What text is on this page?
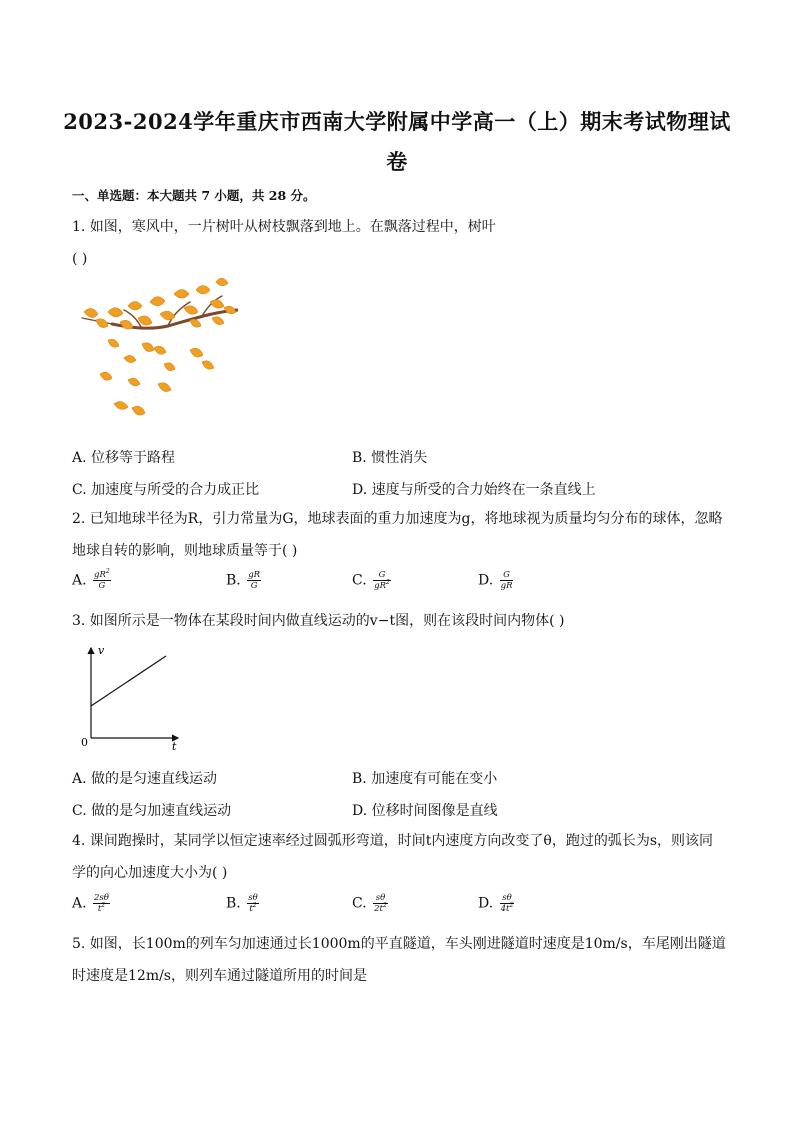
2023-2024学年重庆市西南大学附属中学高一（上）期末考试物理试
卷
一、单选题：本大题共 7 小题，共 28 分。
1. 如图，寒风中，一片树叶从树枝飘落到地上。在飘落过程中，树叶
( )
A. 位移等于路程	B. 惯性消失
C. 加速度与所受的合力成正比	D. 速度与所受的合力始终在一条直线上
2. 已知地球半径为R，引力常量为G，地球表面的重力加速度为g，将地球视为质量均匀分布的球体，忽略
地球自转的影响，则地球质量等于( )
A. $\frac{gR^2}{G}$	B. $\frac{gR}{G}$	C. $\frac{G}{gR^2}$	D. $\frac{G}{gR}$
3. 如图所示是一物体在某段时间内做直线运动的v−t图，则在该段时间内物体( )
v
t
0
A. 做的是匀速直线运动	B. 加速度有可能在变小
C. 做的是匀加速直线运动	D. 位移时间图像是直线
4. 课间跑操时，某同学以恒定速率经过圆弧形弯道，时间t内速度方向改变了θ，跑过的弧长为s，则该同
学的向心加速度大小为( )
A. $\frac{2s\theta}{t^2}$	B. $\frac{s\theta}{t^2}$	C. $\frac{s\theta}{2t^2}$	D. $\frac{s\theta}{4t^2}$
5. 如图，长100m的列车匀加速通过长1000m的平直隧道，车头刚进隧道时速度是10m/s，车尾刚出隧道
时速度是12m/s，则列车通过隧道所用的时间是
